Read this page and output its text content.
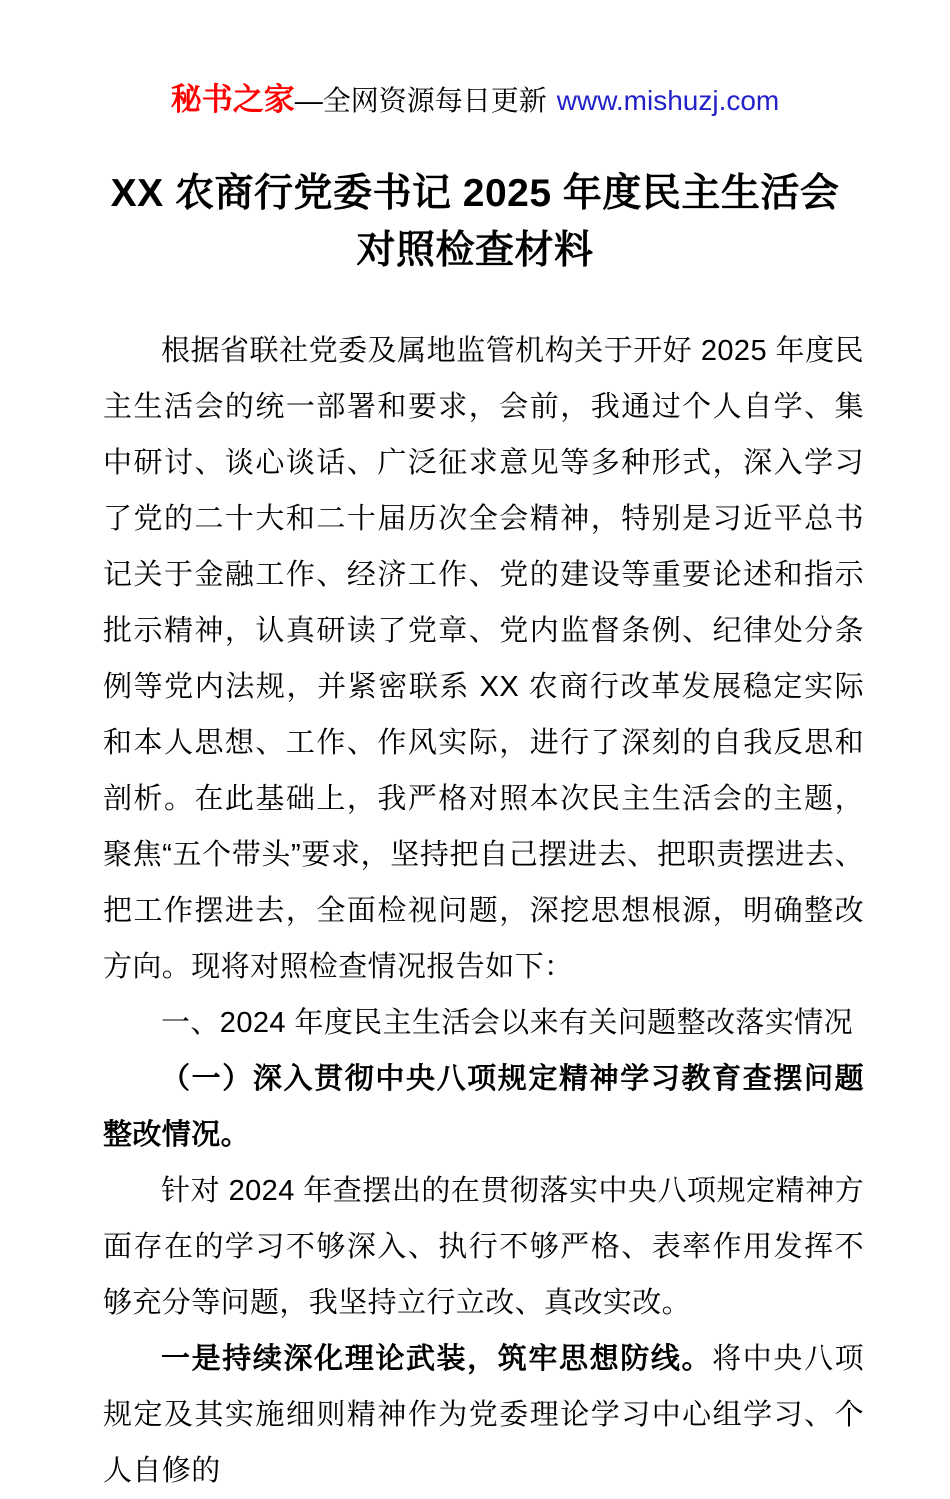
秘书之家—全网资源每日更新 www.mishuzj.com
XX 农商行党委书记 2025 年度民主生活会对照检查材料

根据省联社党委及属地监管机构关于开好 2025 年度民主生活会的统一部署和要求，会前，我通过个人自学、集中研讨、谈心谈话、广泛征求意见等多种形式，深入学习了党的二十大和二十届历次全会精神，特别是习近平总书记关于金融工作、经济工作、党的建设等重要论述和指示批示精神，认真研读了党章、党内监督条例、纪律处分条例等党内法规，并紧密联系 XX 农商行改革发展稳定实际和本人思想、工作、作风实际，进行了深刻的自我反思和剖析。在此基础上，我严格对照本次民主生活会的主题，聚焦“五个带头”要求，坚持把自己摆进去、把职责摆进去、把工作摆进去，全面检视问题，深挖思想根源，明确整改方向。现将对照检查情况报告如下：

一、2024 年度民主生活会以来有关问题整改落实情况

（一）深入贯彻中央八项规定精神学习教育查摆问题整改情况。

针对 2024 年查摆出的在贯彻落实中央八项规定精神方面存在的学习不够深入、执行不够严格、表率作用发挥不够充分等问题，我坚持立行立改、真改实改。

一是持续深化理论武装，筑牢思想防线。将中央八项规定及其实施细则精神作为党委理论学习中心组学习、个人自修的
